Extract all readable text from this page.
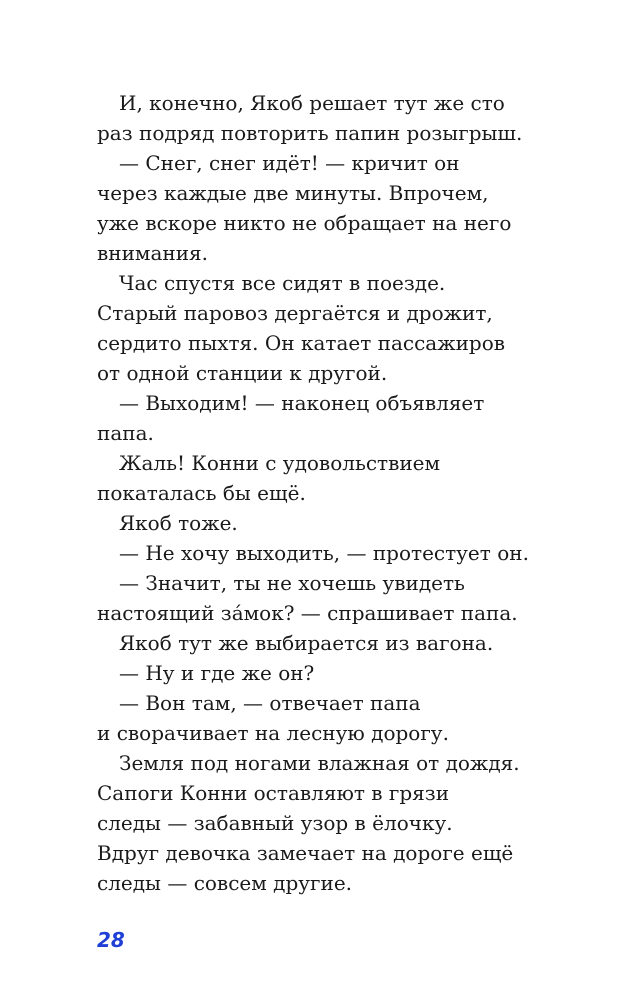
И, конечно, Якоб решает тут же сто
раз подряд повторить папин розыгрыш.
— Снег, снег идёт! — кричит он
через каждые две минуты. Впрочем,
уже вскоре никто не обращает на него
внимания.
Час спустя все сидят в поезде.
Старый паровоз дергаётся и дрожит,
сердито пыхтя. Он катает пассажиров
от одной станции к другой.
— Выходим! — наконец объявляет
папа.
Жаль! Конни с удовольствием
покаталась бы ещё.
Якоб тоже.
— Не хочу выходить, — протестует он.
— Значит, ты не хочешь увидеть
настоящий за́мок? — спрашивает папа.
Якоб тут же выбирается из вагона.
— Ну и где же он?
— Вон там, — отвечает папа
и сворачивает на лесную дорогу.
Земля под ногами влажная от дождя.
Сапоги Конни оставляют в грязи
следы — забавный узор в ёлочку.
Вдруг девочка замечает на дороге ещё
следы — совсем другие.
28
